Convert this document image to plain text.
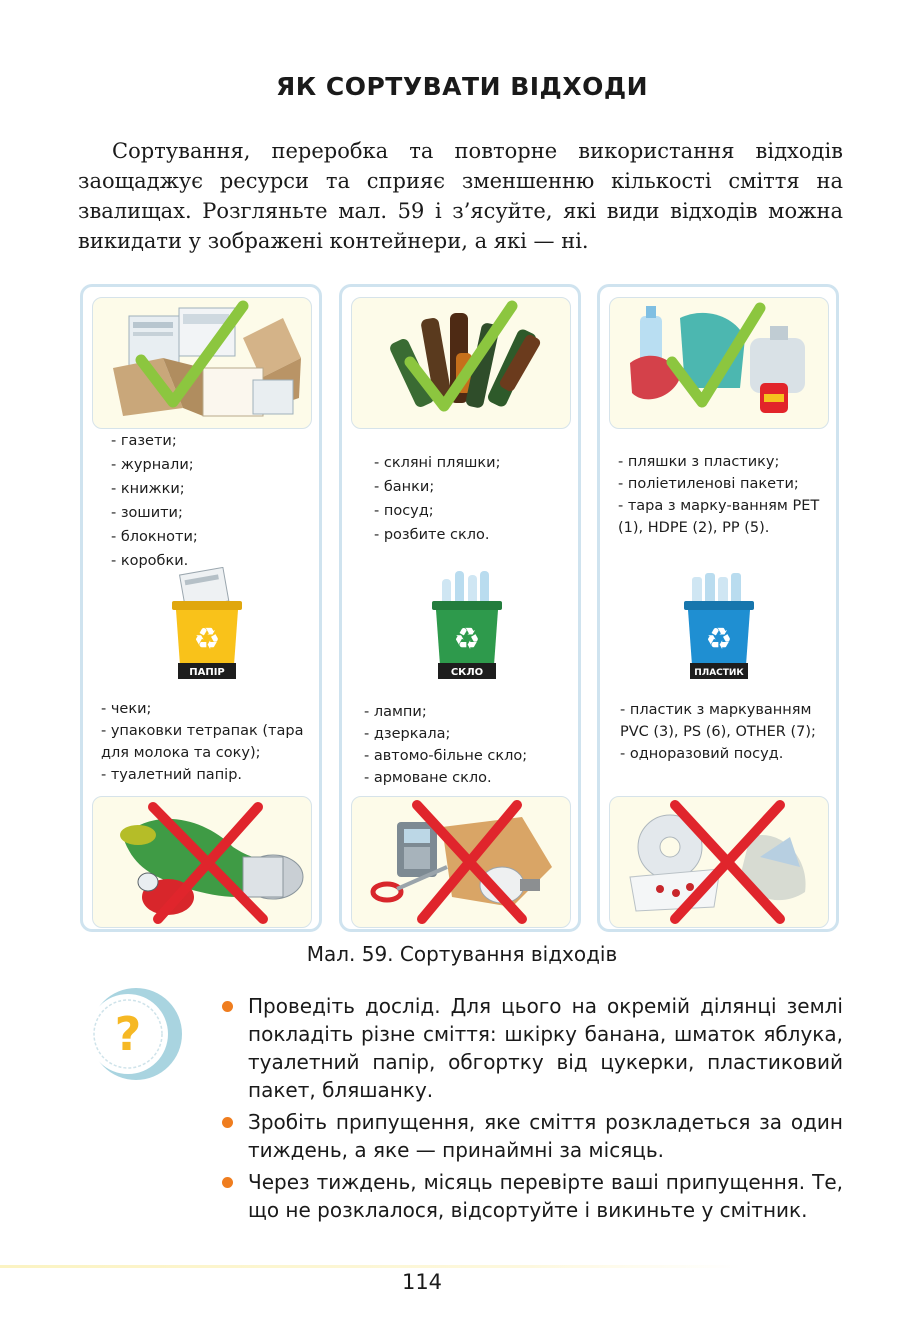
ЯК СОРТУВАТИ ВІДХОДИ

Сортування, переробка та повторне використання відходів заощаджує ресурси та сприяє зменшенню кількості сміття на звалищах. Розгляньте мал. 59 і з’ясуйте, які види відходів можна викидати у зображені контейнери, а які — ні.

- газети;
- журнали;
- книжки;
- зошити;
- блокноти;
- коробки.
ПАПІР
♻
- чеки;
- упаковки тетрапак (тара
для молока та соку);
- туалетний папір.
- скляні пляшки;
- банки;
- посуд;
- розбите скло.
СКЛО
♻
- лампи;
- дзеркала;
- автомо-більне скло;
- армоване скло.
- пляшки з пластику;
- поліетиленові пакети;
- тара з марку-ванням PET
(1), HDPE (2), PP (5).
ПЛАСТИК
♻
- пластик з маркуванням
PVC (3), PS (6), OTHER (7);
- одноразовий посуд.
Мал. 59. Сортування відходів
?
Проведіть дослід. Для цього на окремій ділянці землі покладіть різне сміття: шкірку банана, шматок яблука, туалетний папір, обгортку від цукерки, пластиковий пакет, бляшанку.
Зробіть припущення, яке сміття розкладеться за один тиждень, а яке — принаймні за місяць.
Через тиждень, місяць перевірте ваші припущення. Те, що не розклалося, відсортуйте і викиньте у смітник.
114
